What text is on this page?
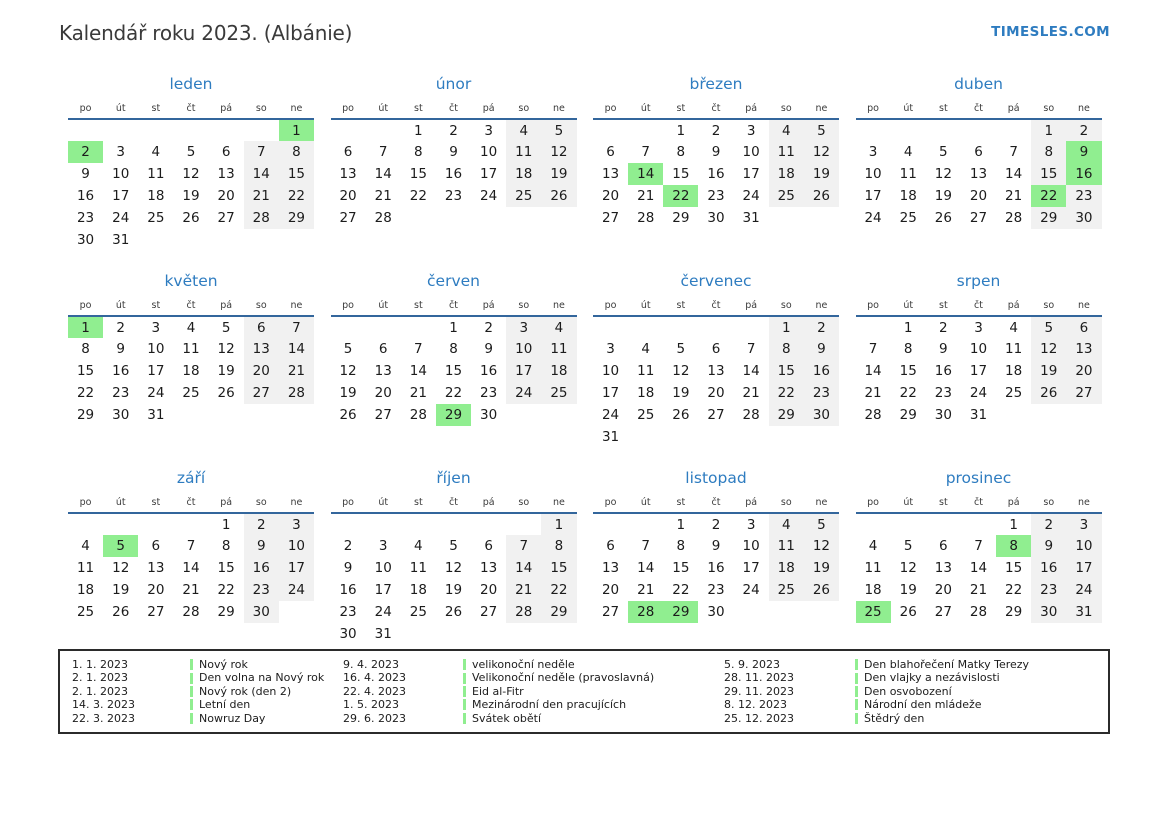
Kalendář roku 2023. (Albánie)	TIMESLES.COM
leden
po	út	st	čt	pá	so	ne
						1
2	3	4	5	6	7	8
9	10	11	12	13	14	15
16	17	18	19	20	21	22
23	24	25	26	27	28	29
30	31					
únor
po	út	st	čt	pá	so	ne
		1	2	3	4	5
6	7	8	9	10	11	12
13	14	15	16	17	18	19
20	21	22	23	24	25	26
27	28					
březen
po	út	st	čt	pá	so	ne
		1	2	3	4	5
6	7	8	9	10	11	12
13	14	15	16	17	18	19
20	21	22	23	24	25	26
27	28	29	30	31		
duben
po	út	st	čt	pá	so	ne
					1	2
3	4	5	6	7	8	9
10	11	12	13	14	15	16
17	18	19	20	21	22	23
24	25	26	27	28	29	30
květen
po	út	st	čt	pá	so	ne
1	2	3	4	5	6	7
8	9	10	11	12	13	14
15	16	17	18	19	20	21
22	23	24	25	26	27	28
29	30	31				
červen
po	út	st	čt	pá	so	ne
			1	2	3	4
5	6	7	8	9	10	11
12	13	14	15	16	17	18
19	20	21	22	23	24	25
26	27	28	29	30		
červenec
po	út	st	čt	pá	so	ne
					1	2
3	4	5	6	7	8	9
10	11	12	13	14	15	16
17	18	19	20	21	22	23
24	25	26	27	28	29	30
31						
srpen
po	út	st	čt	pá	so	ne
	1	2	3	4	5	6
7	8	9	10	11	12	13
14	15	16	17	18	19	20
21	22	23	24	25	26	27
28	29	30	31			
září
po	út	st	čt	pá	so	ne
				1	2	3
4	5	6	7	8	9	10
11	12	13	14	15	16	17
18	19	20	21	22	23	24
25	26	27	28	29	30	
říjen
po	út	st	čt	pá	so	ne
						1
2	3	4	5	6	7	8
9	10	11	12	13	14	15
16	17	18	19	20	21	22
23	24	25	26	27	28	29
30	31					
listopad
po	út	st	čt	pá	so	ne
		1	2	3	4	5
6	7	8	9	10	11	12
13	14	15	16	17	18	19
20	21	22	23	24	25	26
27	28	29	30			
prosinec
po	út	st	čt	pá	so	ne
				1	2	3
4	5	6	7	8	9	10
11	12	13	14	15	16	17
18	19	20	21	22	23	24
25	26	27	28	29	30	31
1. 1. 2023	Nový rok	9. 4. 2023	velikonoční neděle	5. 9. 2023	Den blahořečení Matky Terezy
2. 1. 2023	Den volna na Nový rok 16. 4. 2023	Velikonoční neděle (pravoslavná)	28. 11. 2023	Den vlajky a nezávislosti
2. 1. 2023	Nový rok (den 2)	22. 4. 2023	Eid al-Fitr	29. 11. 2023	Den osvobození
14. 3. 2023	Letní den	1. 5. 2023	Mezinárodní den pracujících	8. 12. 2023	Národní den mládeže
22. 3. 2023	Nowruz Day	29. 6. 2023	Svátek obětí	25. 12. 2023	Štědrý den
